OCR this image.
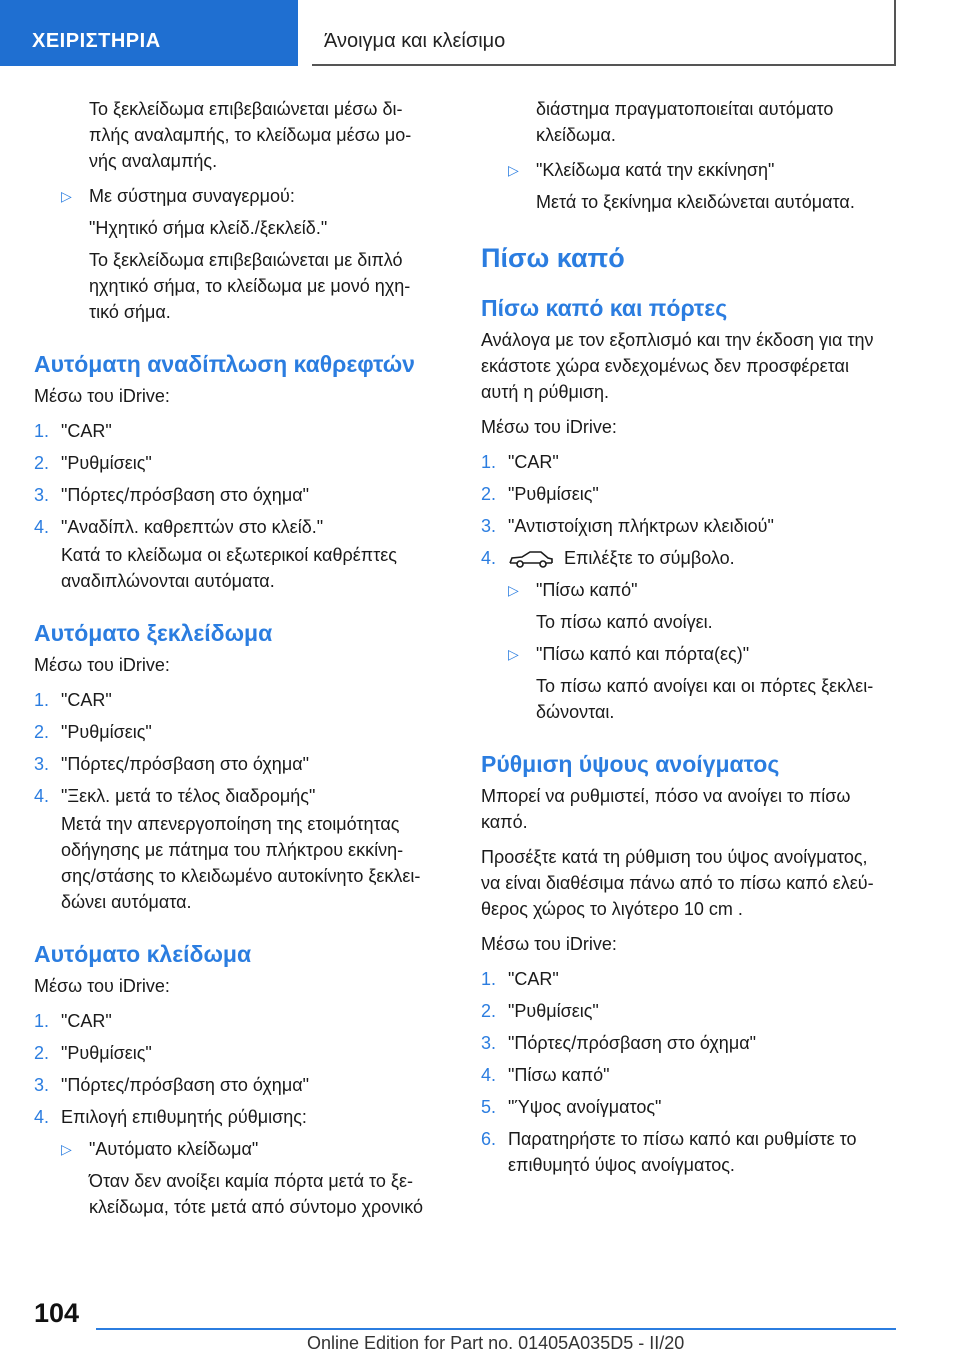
ΧΕΙΡΙΣΤΗΡΙΑ	Άνοιγμα και κλείσιμο

Το ξεκλείδωμα επιβεβαιώνεται μέσω δι-

πλής αναλαμπής, το κλείδωμα μέσω μο-

νής αναλαμπής.

▷ Με σύστημα συναγερμού:
"Ηχητικό σήμα κλείδ./ξεκλείδ."

Το ξεκλείδωμα επιβεβαιώνεται με διπλό

ηχητικό σήμα, το κλείδωμα με μονό ηχη-

τικό σήμα.

Αυτόματη αναδίπλωση καθρεφτών

Μέσω του iDrive:

1. "CAR"
2. "Ρυθμίσεις"
3. "Πόρτες/πρόσβαση στο όχημα"
4. "Αναδίπλ. καθρεπτών στο κλείδ."

Κατά το κλείδωμα οι εξωτερικοί καθρέπτες

αναδιπλώνονται αυτόματα.

Αυτόματο ξεκλείδωμα

Μέσω του iDrive:

1. "CAR"
2. "Ρυθμίσεις"
3. "Πόρτες/πρόσβαση στο όχημα"
4. "Ξεκλ. μετά το τέλος διαδρομής"

Μετά την απενεργοποίηση της ετοιμότητας

οδήγησης με πάτημα του πλήκτρου εκκίνη-

σης/στάσης το κλειδωμένο αυτοκίνητο ξεκλει-

δώνει αυτόματα.

Αυτόματο κλείδωμα

Μέσω του iDrive:

1. "CAR"
2. "Ρυθμίσεις"
3. "Πόρτες/πρόσβαση στο όχημα"
4. Επιλογή επιθυμητής ρύθμισης:
▷ "Αυτόματο κλείδωμα"

Όταν δεν ανοίξει καμία πόρτα μετά το ξε-

κλείδωμα, τότε μετά από σύντομο χρονικό

διάστημα πραγματοποιείται αυτόματο

κλείδωμα.

▷ "Κλείδωμα κατά την εκκίνηση"
Μετά το ξεκίνημα κλειδώνεται αυτόματα.
Πίσω καπό
Πίσω καπό και πόρτες

Ανάλογα με τον εξοπλισμό και την έκδοση για την

εκάστοτε χώρα ενδεχομένως δεν προσφέρεται

αυτή η ρύθμιση.

Μέσω του iDrive:

1. "CAR"
2. "Ρυθμίσεις"
3. "Αντιστοίχιση πλήκτρων κλειδιού"
4.	Επιλέξτε το σύμβολο.
▷ "Πίσω καπό"
Το πίσω καπό ανοίγει.
▷ "Πίσω καπό και πόρτα(ες)"

Το πίσω καπό ανοίγει και οι πόρτες ξεκλει-

δώνονται.

Ρύθμιση ύψους ανοίγματος

Μπορεί να ρυθμιστεί, πόσο να ανοίγει το πίσω

καπό.

Προσέξτε κατά τη ρύθμιση του ύψος ανοίγματος,

να είναι διαθέσιμα πάνω από το πίσω καπό ελεύ-

θερος χώρος το λιγότερο 10 cm .

Μέσω του iDrive:

1. "CAR"
2. "Ρυθμίσεις"
3. "Πόρτες/πρόσβαση στο όχημα"
4. "Πίσω καπό"
5. "Ύψος ανοίγματος"
6. Παρατηρήστε το πίσω καπό και ρυθμίστε το
επιθυμητό ύψος ανοίγματος.
104
Online Edition for Part no. 01405A035D5 - II/20
